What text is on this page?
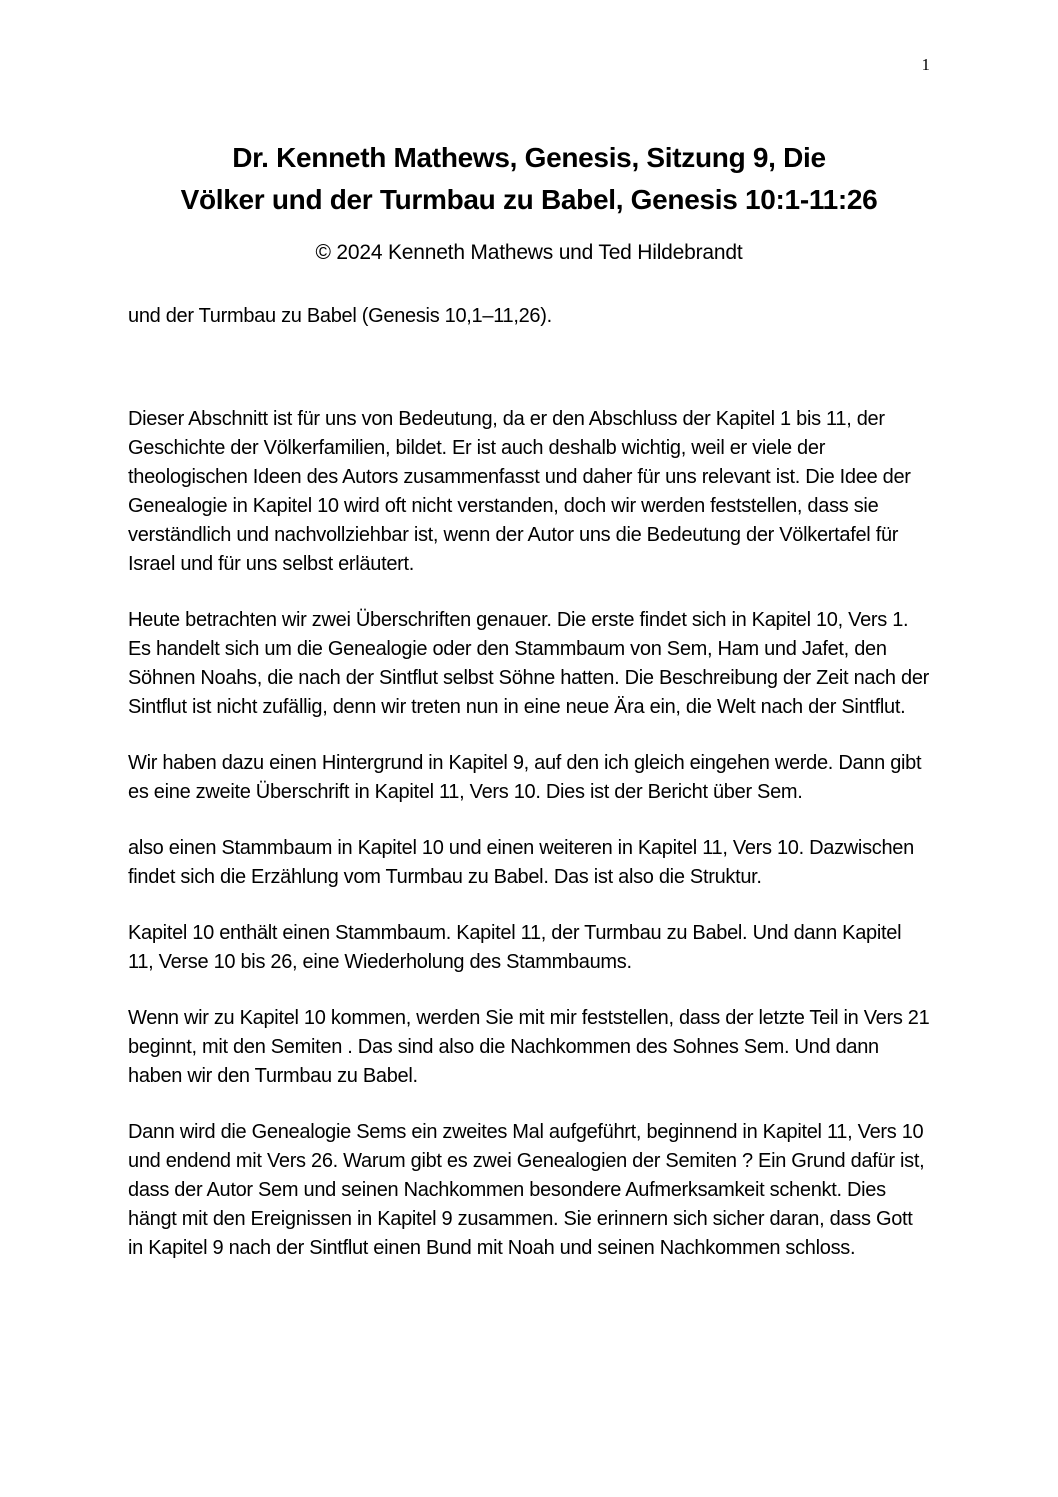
1
Dr. Kenneth Mathews, Genesis, Sitzung 9, Die
Völker und der Turmbau zu Babel, Genesis 10:1-11:26
© 2024 Kenneth Mathews und Ted Hildebrandt

und der Turmbau zu Babel (Genesis 10,1–11,26).

Dieser Abschnitt ist für uns von Bedeutung, da er den Abschluss der Kapitel 1 bis 11, der Geschichte der Völkerfamilien, bildet. Er ist auch deshalb wichtig, weil er viele der theologischen Ideen des Autors zusammenfasst und daher für uns relevant ist. Die Idee der Genealogie in Kapitel 10 wird oft nicht verstanden, doch wir werden feststellen, dass sie verständlich und nachvollziehbar ist, wenn der Autor uns die Bedeutung der Völkertafel für Israel und für uns selbst erläutert.

Heute betrachten wir zwei Überschriften genauer. Die erste findet sich in Kapitel 10, Vers 1. Es handelt sich um die Genealogie oder den Stammbaum von Sem, Ham und Jafet, den Söhnen Noahs, die nach der Sintflut selbst Söhne hatten. Die Beschreibung der Zeit nach der Sintflut ist nicht zufällig, denn wir treten nun in eine neue Ära ein, die Welt nach der Sintflut.

Wir haben dazu einen Hintergrund in Kapitel 9, auf den ich gleich eingehen werde. Dann gibt es eine zweite Überschrift in Kapitel 11, Vers 10. Dies ist der Bericht über Sem.

also einen Stammbaum in Kapitel 10 und einen weiteren in Kapitel 11, Vers 10. Dazwischen findet sich die Erzählung vom Turmbau zu Babel. Das ist also die Struktur.

Kapitel 10 enthält einen Stammbaum. Kapitel 11, der Turmbau zu Babel. Und dann Kapitel 11, Verse 10 bis 26, eine Wiederholung des Stammbaums.

Wenn wir zu Kapitel 10 kommen, werden Sie mit mir feststellen, dass der letzte Teil in Vers 21 beginnt, mit den Semiten . Das sind also die Nachkommen des Sohnes Sem. Und dann haben wir den Turmbau zu Babel.

Dann wird die Genealogie Sems ein zweites Mal aufgeführt, beginnend in Kapitel 11, Vers 10 und endend mit Vers 26. Warum gibt es zwei Genealogien der Semiten ? Ein Grund dafür ist, dass der Autor Sem und seinen Nachkommen besondere Aufmerksamkeit schenkt. Dies hängt mit den Ereignissen in Kapitel 9 zusammen. Sie erinnern sich sicher daran, dass Gott in Kapitel 9 nach der Sintflut einen Bund mit Noah und seinen Nachkommen schloss.
